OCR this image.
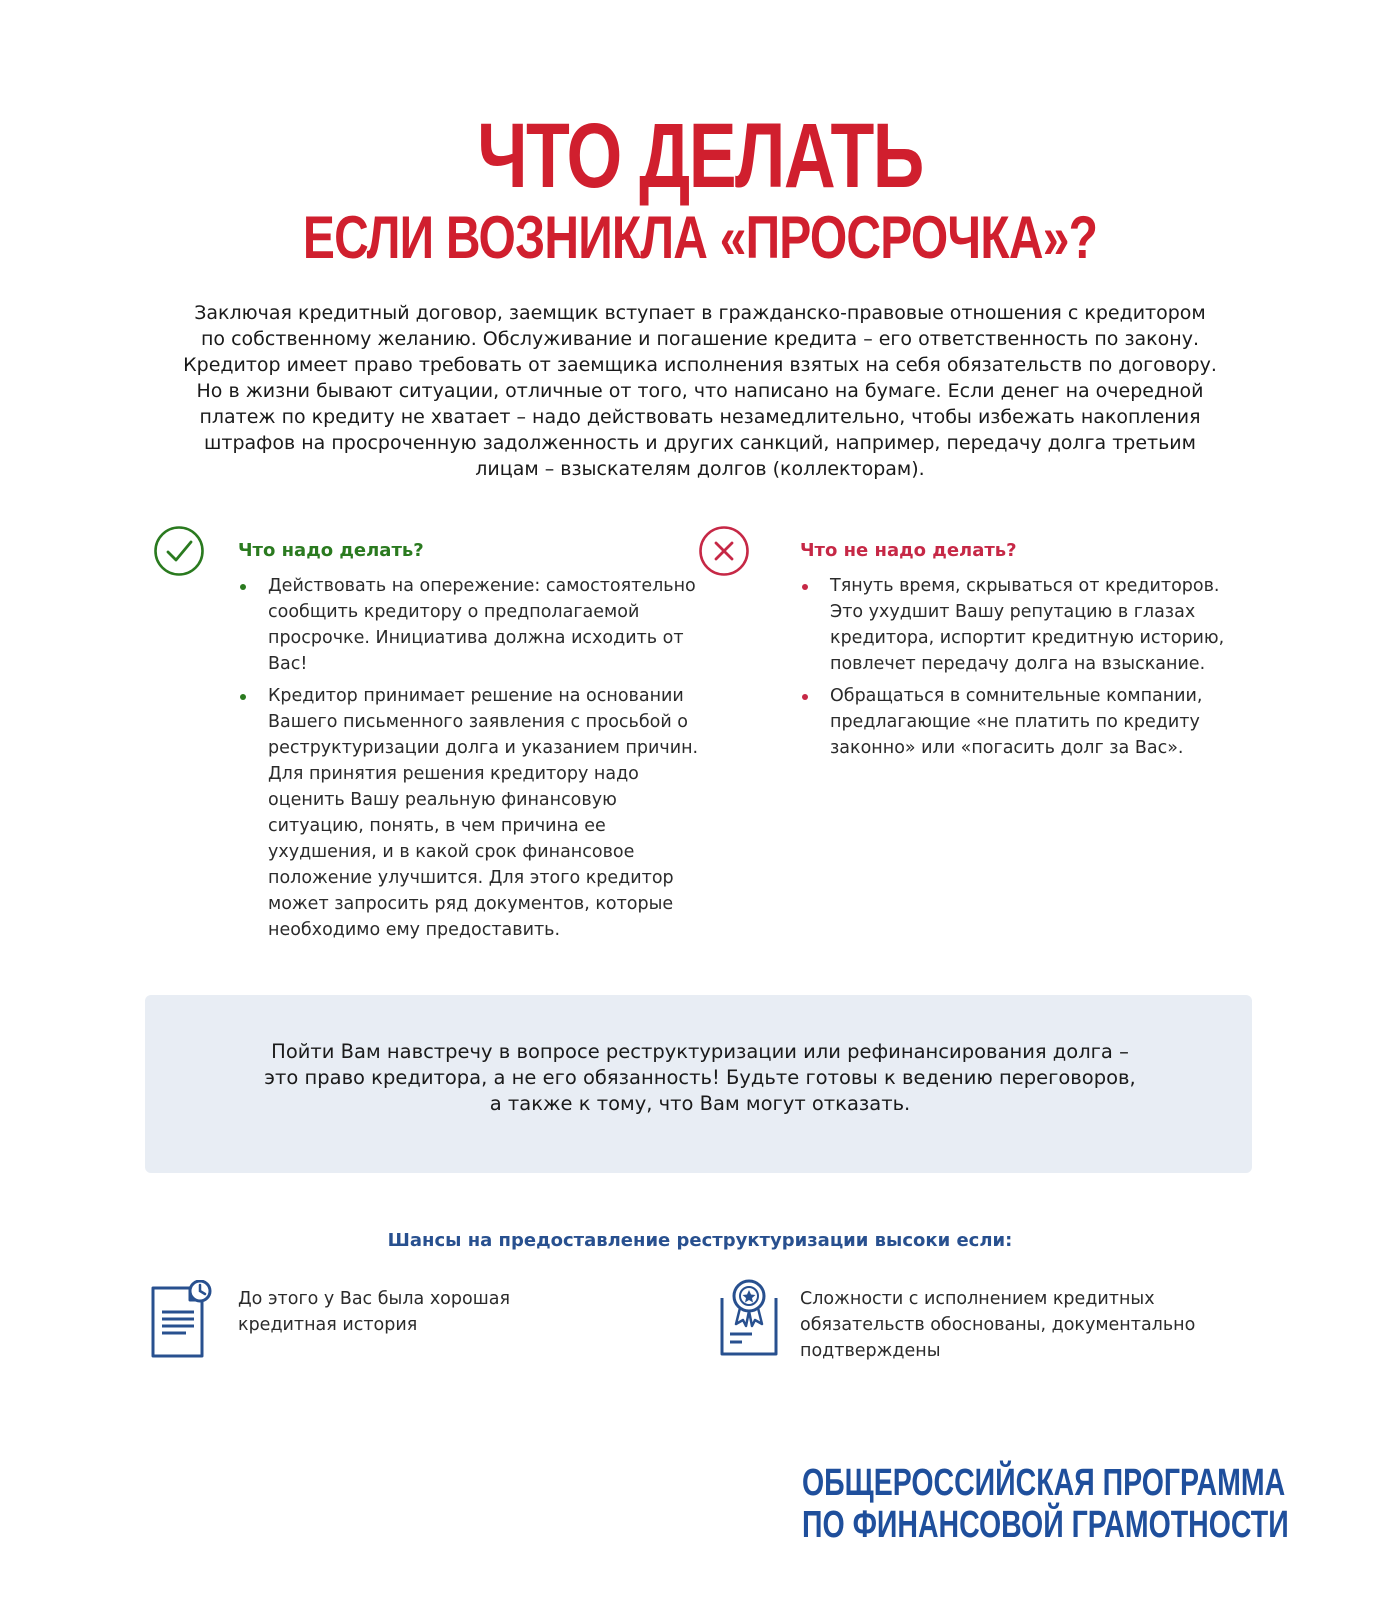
ЧТО ДЕЛАТЬ
ЕСЛИ ВОЗНИКЛА «ПРОСРОЧКА»?
Заключая кредитный договор, заемщик вступает в гражданско-правовые отношения с кредитором
по собственному желанию. Обслуживание и погашение кредита – его ответственность по закону.
Кредитор имеет право требовать от заемщика исполнения взятых на себя обязательств по договору.
Но в жизни бывают ситуации, отличные от того, что написано на бумаге. Если денег на очередной
платеж по кредиту не хватает – надо действовать незамедлительно, чтобы избежать накопления
штрафов на просроченную задолженность и других санкций, например, передачу долга третьим
лицам – взыскателям долгов (коллекторам).
Что надо делать?
Действовать на опережение: самостоятельно сообщить кредитору о предполагаемой просрочке. Инициатива должна исходить от Вас!
Кредитор принимает решение на основании Вашего письменного заявления с просьбой о реструктуризации долга и указанием причин. Для принятия решения кредитору надо оценить Вашу реальную финансовую ситуацию, понять, в чем причина ее ухудшения, и в какой срок финансовое положение улучшится. Для этого кредитор может запросить ряд документов, которые необходимо ему предоставить.
Что не надо делать?
Тянуть время, скрываться от кредиторов. Это ухудшит Вашу репутацию в глазах кредитора, испортит кредитную историю, повлечет передачу долга на взыскание.
Обращаться в сомнительные компании, предлагающие «не платить по кредиту законно» или «погасить долг за Вас».
Пойти Вам навстречу в вопросе реструктуризации или рефинансирования долга –
это право кредитора, а не его обязанность! Будьте готовы к ведению переговоров,
а также к тому, что Вам могут отказать.
Шансы на предоставление реструктуризации высоки если:
До этого у Вас была хорошая кредитная история
Сложности с исполнением кредитных обязательств обоснованы, документально подтверждены
ОБЩЕРОССИЙСКАЯ ПРОГРАММА
ПО ФИНАНСОВОЙ ГРАМОТНОСТИ
